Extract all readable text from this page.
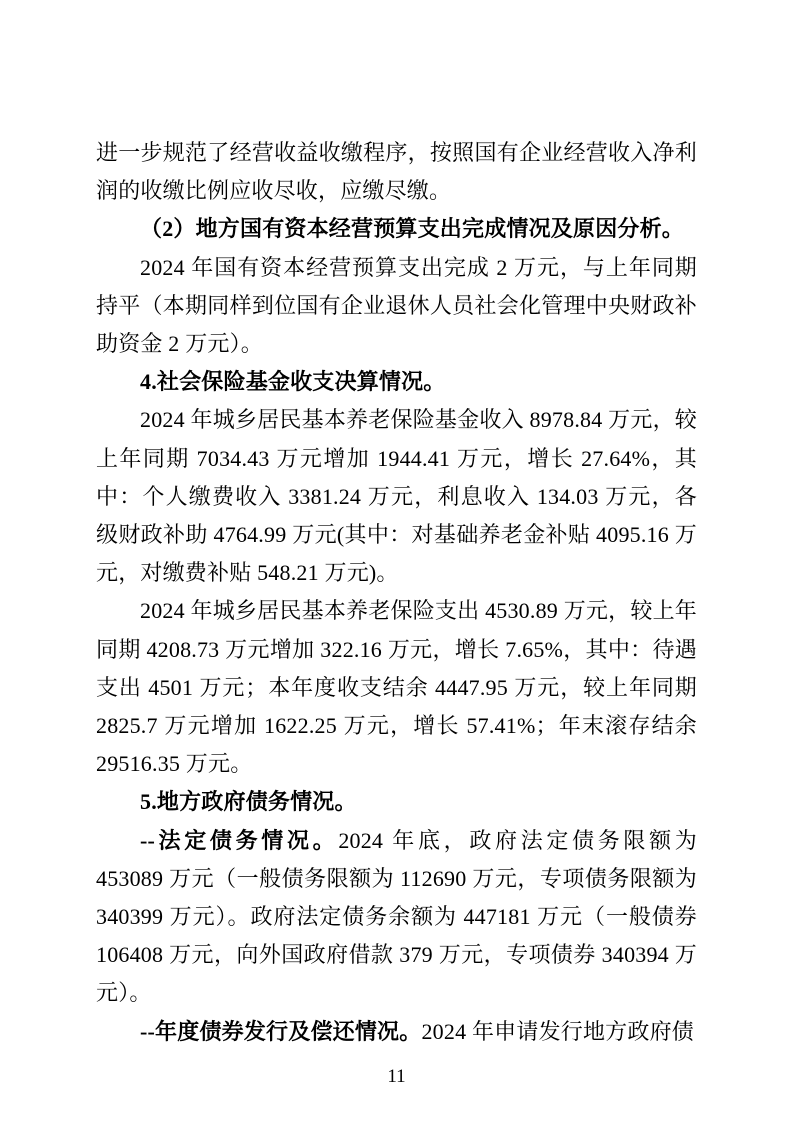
进一步规范了经营收益收缴程序，按照国有企业经营收入净利润的收缴比例应收尽收，应缴尽缴。

（2）地方国有资本经营预算支出完成情况及原因分析。

2024 年国有资本经营预算支出完成 2 万元，与上年同期持平（本期同样到位国有企业退休人员社会化管理中央财政补助资金 2 万元）。

4.社会保险基金收支决算情况。

2024 年城乡居民基本养老保险基金收入 8978.84 万元，较上年同期 7034.43 万元增加 1944.41 万元，增长 27.64%，其中：个人缴费收入 3381.24 万元，利息收入 134.03 万元，各级财政补助 4764.99 万元(其中：对基础养老金补贴 4095.16 万元，对缴费补贴 548.21 万元)。

2024 年城乡居民基本养老保险支出 4530.89 万元，较上年同期 4208.73 万元增加 322.16 万元，增长 7.65%，其中：待遇支出 4501 万元；本年度收支结余 4447.95 万元，较上年同期 2825.7 万元增加 1622.25 万元，增长 57.41%；年末滚存结余 29516.35 万元。

5.地方政府债务情况。

--法定债务情况。2024 年底，政府法定债务限额为 453089 万元（一般债务限额为 112690 万元，专项债务限额为 340399 万元）。政府法定债务余额为 447181 万元（一般债券 106408 万元，向外国政府借款 379 万元，专项债券 340394 万元）。

--年度债券发行及偿还情况。2024 年申请发行地方政府债

11
